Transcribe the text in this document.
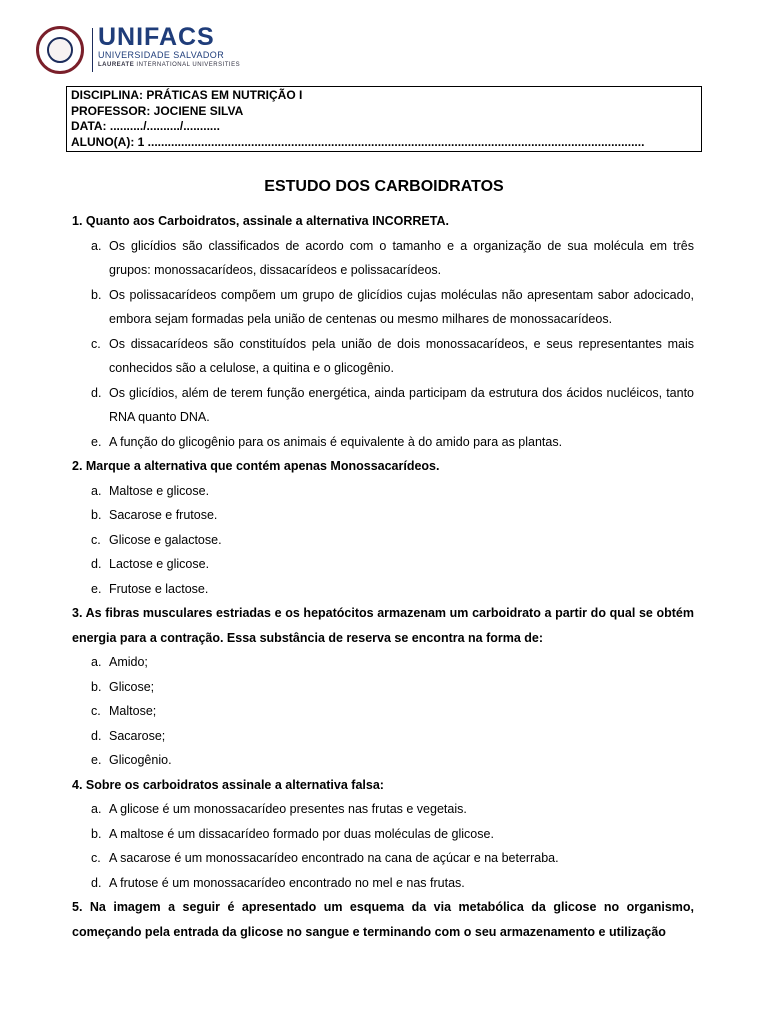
UNIFACS
UNIVERSIDADE SALVADOR
LAUREATE INTERNATIONAL UNIVERSITIES
DISCIPLINA: PRÁTICAS EM NUTRIÇÃO I
PROFESSOR: JOCIENE SILVA
DATA: ........../........../...........
ALUNO(A): 1 .....................................................................................................................................................
ESTUDO DOS CARBOIDRATOS
1. Quanto aos Carboidratos, assinale a alternativa INCORRETA.
a. Os glicídios são classificados de acordo com o tamanho e a organização de sua molécula em três grupos: monossacarídeos, dissacarídeos e polissacarídeos.
b. Os polissacarídeos compõem um grupo de glicídios cujas moléculas não apresentam sabor adocicado, embora sejam formadas pela união de centenas ou mesmo milhares de monossacarídeos.
c. Os dissacarídeos são constituídos pela união de dois monossacarídeos, e seus representantes mais conhecidos são a celulose, a quitina e o glicogênio.
d. Os glicídios, além de terem função energética, ainda participam da estrutura dos ácidos nucléicos, tanto RNA quanto DNA.
e. A função do glicogênio para os animais é equivalente à do amido para as plantas.
2. Marque a alternativa que contém apenas Monossacarídeos.
a. Maltose e glicose.
b. Sacarose e frutose.
c. Glicose e galactose.
d. Lactose e glicose.
e. Frutose e lactose.
3. As fibras musculares estriadas e os hepatócitos armazenam um carboidrato a partir do qual se obtém energia para a contração. Essa substância de reserva se encontra na forma de:
a. Amido;
b. Glicose;
c. Maltose;
d. Sacarose;
e. Glicogênio.
4. Sobre os carboidratos assinale a alternativa falsa:
a. A glicose é um monossacarídeo presentes nas frutas e vegetais.
b. A maltose é um dissacarídeo formado por duas moléculas de glicose.
c. A sacarose é um monossacarídeo encontrado na cana de açúcar e na beterraba.
d. A frutose é um monossacarídeo encontrado no mel e nas frutas.
5. Na imagem a seguir é apresentado um esquema da via metabólica da glicose no organismo, começando pela entrada da glicose no sangue e terminando com o seu armazenamento e utilização
